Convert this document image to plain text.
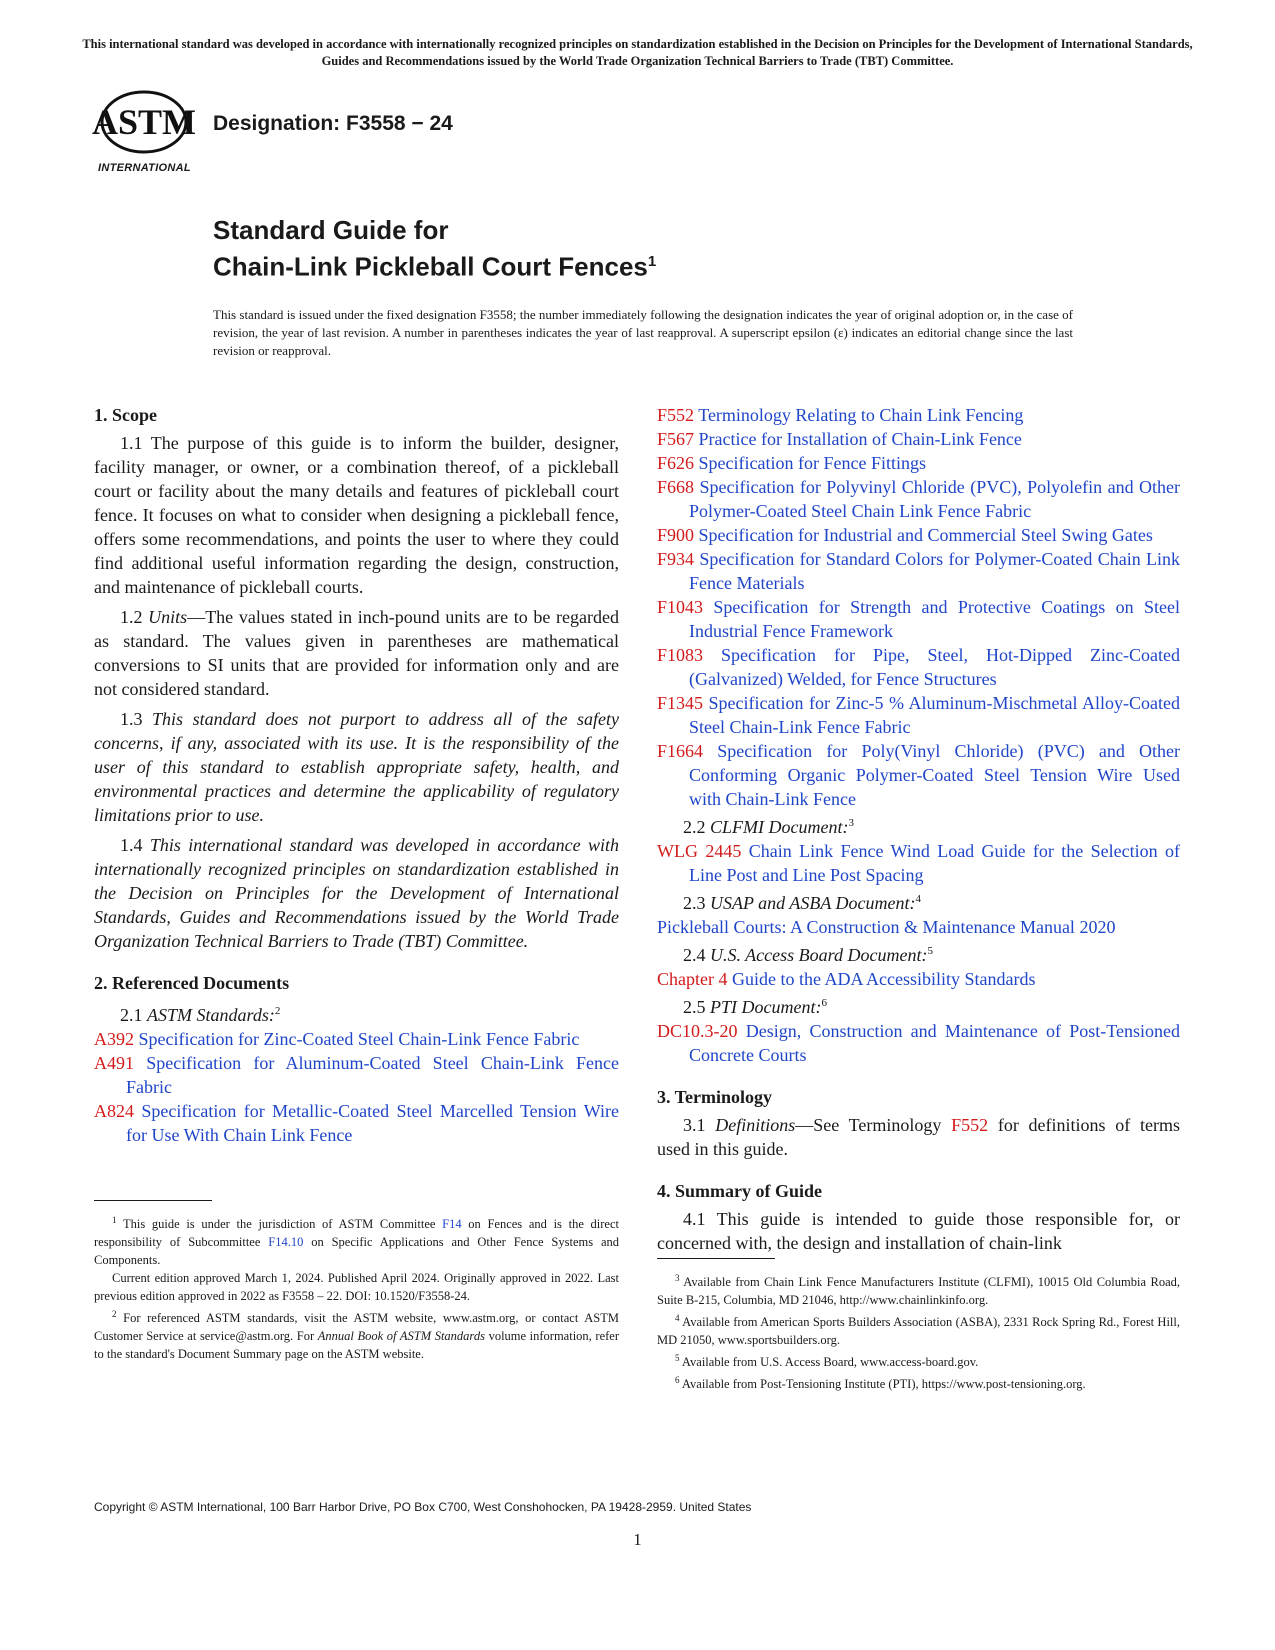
This international standard was developed in accordance with internationally recognized principles on standardization established in the Decision on Principles for the Development of International Standards, Guides and Recommendations issued by the World Trade Organization Technical Barriers to Trade (TBT) Committee.
ASTM
INTERNATIONAL
Designation: F3558 − 24
Standard Guide for
Chain-Link Pickleball Court Fences$^1$
This standard is issued under the fixed designation F3558; the number immediately following the designation indicates the year of original adoption or, in the case of revision, the year of last revision. A number in parentheses indicates the year of last reapproval. A superscript epsilon (ε) indicates an editorial change since the last revision or reapproval.
1. Scope

1.1 The purpose of this guide is to inform the builder, designer, facility manager, or owner, or a combination thereof, of a pickleball court or facility about the many details and features of pickleball court fence. It focuses on what to consider when designing a pickleball fence, offers some recommendations, and points the user to where they could find additional useful information regarding the design, construction, and maintenance of pickleball courts.

1.2 Units—The values stated in inch-pound units are to be regarded as standard. The values given in parentheses are mathematical conversions to SI units that are provided for information only and are not considered standard.

1.3 This standard does not purport to address all of the safety concerns, if any, associated with its use. It is the responsibility of the user of this standard to establish appropriate safety, health, and environmental practices and determine the applicability of regulatory limitations prior to use.

1.4 This international standard was developed in accordance with internationally recognized principles on standardization established in the Decision on Principles for the Development of International Standards, Guides and Recommendations issued by the World Trade Organization Technical Barriers to Trade (TBT) Committee.

2. Referenced Documents
2.1 ASTM Standards:$^2$
A392 Specification for Zinc-Coated Steel Chain-Link Fence Fabric
A491 Specification for Aluminum-Coated Steel Chain-Link Fence Fabric
A824 Specification for Metallic-Coated Steel Marcelled Tension Wire for Use With Chain Link Fence
F552 Terminology Relating to Chain Link Fencing
F567 Practice for Installation of Chain-Link Fence
F626 Specification for Fence Fittings
F668 Specification for Polyvinyl Chloride (PVC), Polyolefin and Other Polymer-Coated Steel Chain Link Fence Fabric
F900 Specification for Industrial and Commercial Steel Swing Gates
F934 Specification for Standard Colors for Polymer-Coated Chain Link Fence Materials
F1043 Specification for Strength and Protective Coatings on Steel Industrial Fence Framework
F1083 Specification for Pipe, Steel, Hot-Dipped Zinc-Coated (Galvanized) Welded, for Fence Structures
F1345 Specification for Zinc-5 % Aluminum-Mischmetal Alloy-Coated Steel Chain-Link Fence Fabric
F1664 Specification for Poly(Vinyl Chloride) (PVC) and Other Conforming Organic Polymer-Coated Steel Tension Wire Used with Chain-Link Fence
2.2 CLFMI Document:$^3$
WLG 2445 Chain Link Fence Wind Load Guide for the Selection of Line Post and Line Post Spacing
2.3 USAP and ASBA Document:$^4$
Pickleball Courts: A Construction & Maintenance Manual 2020
2.4 U.S. Access Board Document:$^5$
Chapter 4 Guide to the ADA Accessibility Standards
2.5 PTI Document:$^6$
DC10.3-20 Design, Construction and Maintenance of Post-Tensioned Concrete Courts
3. Terminology

3.1 Definitions—See Terminology F552 for definitions of terms used in this guide.

4. Summary of Guide

4.1 This guide is intended to guide those responsible for, or concerned with, the design and installation of chain-link

$^1$ This guide is under the jurisdiction of ASTM Committee F14 on Fences and is the direct responsibility of Subcommittee F14.10 on Specific Applications and Other Fence Systems and Components.

Current edition approved March 1, 2024. Published April 2024. Originally approved in 2022. Last previous edition approved in 2022 as F3558 – 22. DOI: 10.1520/F3558-24.

$^2$ For referenced ASTM standards, visit the ASTM website, www.astm.org, or contact ASTM Customer Service at service@astm.org. For Annual Book of ASTM Standards volume information, refer to the standard's Document Summary page on the ASTM website.

$^3$ Available from Chain Link Fence Manufacturers Institute (CLFMI), 10015 Old Columbia Road, Suite B-215, Columbia, MD 21046, http://www.chainlinkinfo.org.

$^4$ Available from American Sports Builders Association (ASBA), 2331 Rock Spring Rd., Forest Hill, MD 21050, www.sportsbuilders.org.

$^5$ Available from U.S. Access Board, www.access-board.gov.

$^6$ Available from Post-Tensioning Institute (PTI), https://www.post-tensioning.org.

Copyright © ASTM International, 100 Barr Harbor Drive, PO Box C700, West Conshohocken, PA 19428-2959. United States
1
